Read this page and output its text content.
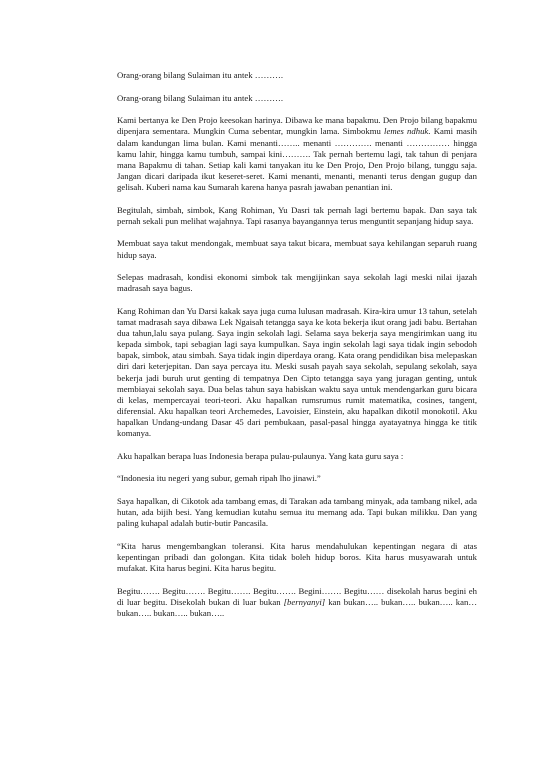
Orang-orang bilang Sulaiman itu antek ……….

Orang-orang bilang Sulaiman itu antek ……….

Kami bertanya ke Den Projo keesokan harinya. Dibawa ke mana bapakmu. Den Projo bilang bapakmu dipenjara sementara. Mungkin Cuma sebentar, mungkin lama. Simbokmu lemes ndhuk. Kami masih dalam kandungan lima bulan. Kami menanti…….. menanti …………. menanti …………… hingga kamu lahir, hingga kamu tumbuh, sampai kini………. Tak pernah bertemu lagi, tak tahun di penjara mana Bapakmu di tahan. Setiap kali kami tanyakan itu ke Den Projo, Den Projo bilang, tunggu saja. Jangan dicari daripada ikut keseret-seret. Kami menanti, menanti, menanti terus dengan gugup dan gelisah. Kuberi nama kau Sumarah karena hanya pasrah jawaban penantian ini.

Begitulah, simbah, simbok, Kang Rohiman, Yu Dasri tak pernah lagi bertemu bapak. Dan saya tak pernah sekali pun melihat wajahnya. Tapi rasanya bayangannya terus menguntit sepanjang hidup saya.

Membuat saya takut mendongak, membuat saya takut bicara, membuat saya kehilangan separuh ruang hidup saya.

Selepas madrasah, kondisi ekonomi simbok tak mengijinkan saya sekolah lagi meski nilai ijazah madrasah saya bagus.

Kang Rohiman dan Yu Darsi kakak saya juga cuma lulusan madrasah. Kira-kira umur 13 tahun, setelah tamat madrasah saya dibawa Lek Ngaisah tetangga saya ke kota bekerja ikut orang jadi babu. Bertahan dua tahun,lalu saya pulang. Saya ingin sekolah lagi. Selama saya bekerja saya mengirimkan uang itu kepada simbok, tapi sebagian lagi saya kumpulkan. Saya ingin sekolah lagi saya tidak ingin sebodoh bapak, simbok, atau simbah. Saya tidak ingin diperdaya orang. Kata orang pendidikan bisa melepaskan diri dari keterjepitan. Dan saya percaya itu. Meski susah payah saya sekolah, sepulang sekolah, saya bekerja jadi buruh urut genting di tempatnya Den Cipto tetangga saya yang juragan genting, untuk membiayai sekolah saya. Dua belas tahun saya habiskan waktu saya untuk mendengarkan guru bicara di kelas, mempercayai teori-teori. Aku hapalkan rumsrumus rumit matematika, cosines, tangent, diferensial. Aku hapalkan teori Archemedes, Lavoisier, Einstein, aku hapalkan dikotil monokotil. Aku hapalkan Undang-undang Dasar 45 dari pembukaan, pasal-pasal hingga ayatayatnya hingga ke titik komanya.

Aku hapalkan berapa luas Indonesia berapa pulau-pulaunya. Yang kata guru saya :

“Indonesia itu negeri yang subur, gemah ripah lho jinawi.”

Saya hapalkan, di Cikotok ada tambang emas, di Tarakan ada tambang minyak, ada tambang nikel, ada hutan, ada bijih besi. Yang kemudian kutahu semua itu memang ada. Tapi bukan milikku. Dan yang paling kuhapal adalah butir-butir Pancasila.

“Kita harus mengembangkan toleransi. Kita harus mendahulukan kepentingan negara di atas kepentingan pribadi dan golongan. Kita tidak boleh hidup boros. Kita harus musyawarah untuk mufakat. Kita harus begini. Kita harus begitu.

Begitu……. Begitu……. Begitu……. Begitu……. Begini……. Begitu…… disekolah harus begini eh di luar begitu. Disekolah bukan di luar bukan [bernyanyi] kan bukan….. bukan….. bukan….. kan… bukan….. bukan….. bukan…..
